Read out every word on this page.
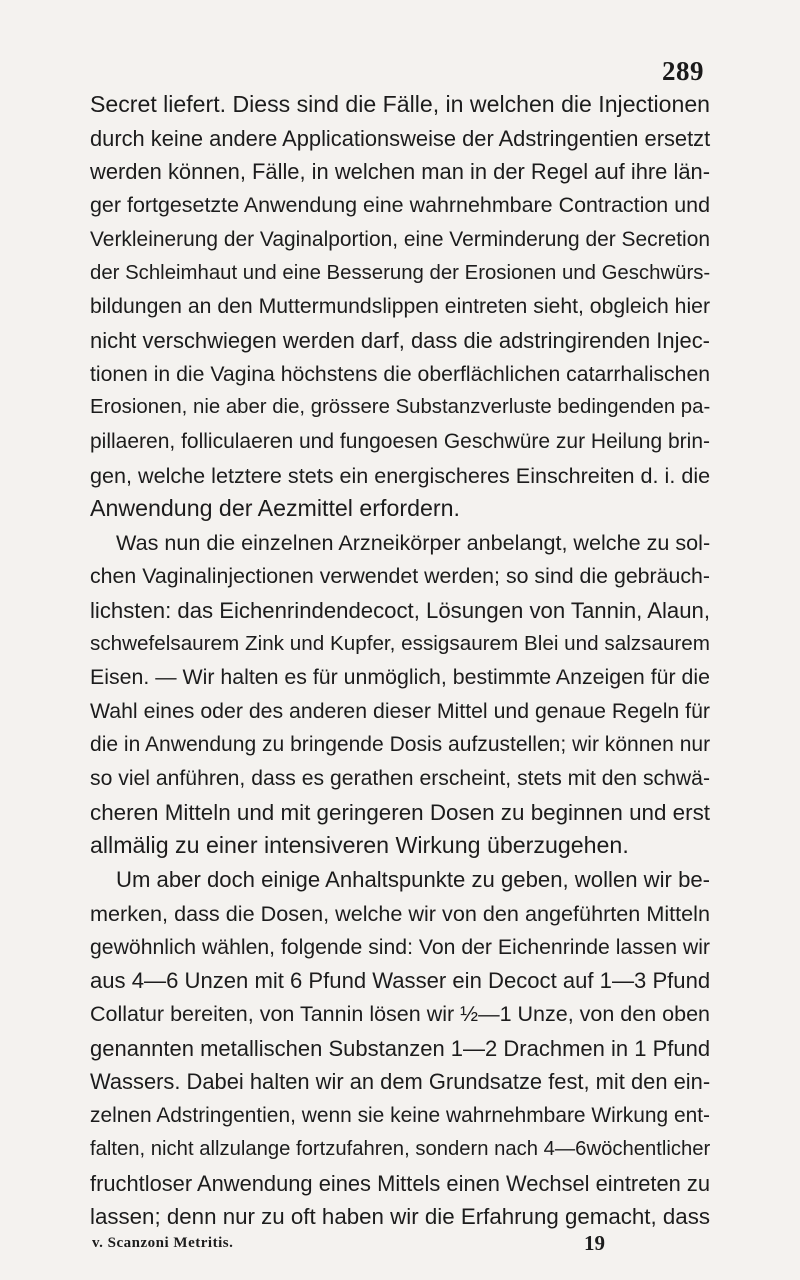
289
Secret liefert. Diess sind die Fälle, in welchen die Injectionen
durch keine andere Applicationsweise der Adstringentien ersetzt
werden können, Fälle, in welchen man in der Regel auf ihre län-
ger fortgesetzte Anwendung eine wahrnehmbare Contraction und
Verkleinerung der Vaginalportion, eine Verminderung der Secretion
der Schleimhaut und eine Besserung der Erosionen und Geschwürs-
bildungen an den Muttermundslippen eintreten sieht, obgleich hier
nicht verschwiegen werden darf, dass die adstringirenden Injec-
tionen in die Vagina höchstens die oberflächlichen catarrhalischen
Erosionen, nie aber die, grössere Substanzverluste bedingenden pa-
pillaeren, folliculaeren und fungoesen Geschwüre zur Heilung brin-
gen, welche letztere stets ein energischeres Einschreiten d. i. die
Anwendung der Aezmittel erfordern.
Was nun die einzelnen Arzneikörper anbelangt, welche zu sol-
chen Vaginalinjectionen verwendet werden; so sind die gebräuch-
lichsten: das Eichenrindendecoct, Lösungen von Tannin, Alaun,
schwefelsaurem Zink und Kupfer, essigsaurem Blei und salzsaurem
Eisen. — Wir halten es für unmöglich, bestimmte Anzeigen für die
Wahl eines oder des anderen dieser Mittel und genaue Regeln für
die in Anwendung zu bringende Dosis aufzustellen; wir können nur
so viel anführen, dass es gerathen erscheint, stets mit den schwä-
cheren Mitteln und mit geringeren Dosen zu beginnen und erst
allmälig zu einer intensiveren Wirkung überzugehen.
Um aber doch einige Anhaltspunkte zu geben, wollen wir be-
merken, dass die Dosen, welche wir von den angeführten Mitteln
gewöhnlich wählen, folgende sind: Von der Eichenrinde lassen wir
aus 4—6 Unzen mit 6 Pfund Wasser ein Decoct auf 1—3 Pfund
Collatur bereiten, von Tannin lösen wir ½—1 Unze, von den oben
genannten metallischen Substanzen 1—2 Drachmen in 1 Pfund
Wassers. Dabei halten wir an dem Grundsatze fest, mit den ein-
zelnen Adstringentien, wenn sie keine wahrnehmbare Wirkung ent-
falten, nicht allzulange fortzufahren, sondern nach 4—6wöchentlicher
fruchtloser Anwendung eines Mittels einen Wechsel eintreten zu
lassen; denn nur zu oft haben wir die Erfahrung gemacht, dass
v. Scanzoni Metritis.	19
